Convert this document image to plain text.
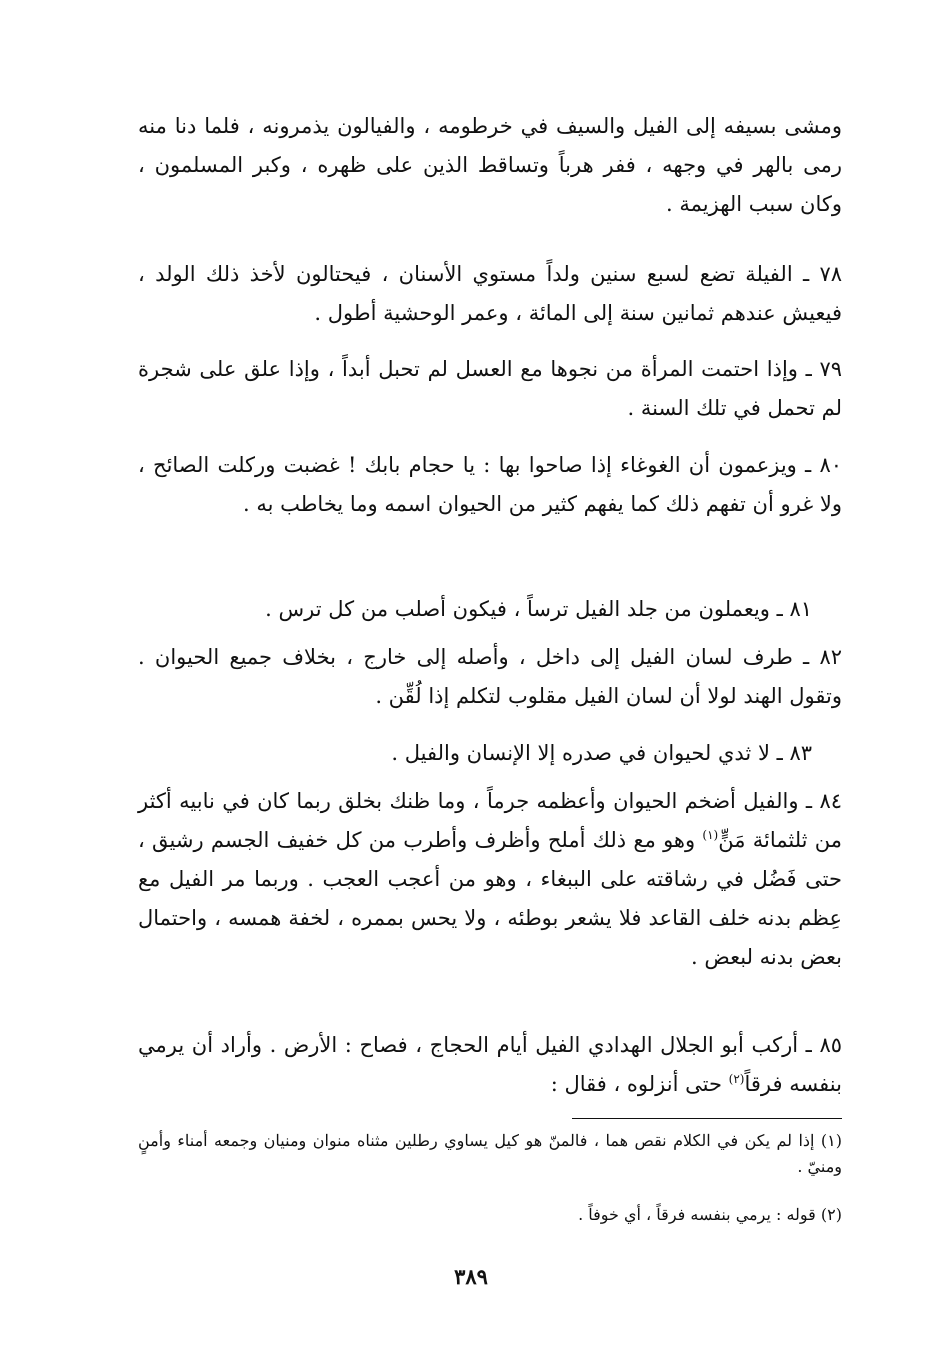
ومشى بسيفه إلى الفيل والسيف في خرطومه ، والفيالون يذمرونه ، فلما دنا منه رمى بالهر في وجهه ، ففر هرباً وتساقط الذين على ظهره ، وكبر المسلمون ، وكان سبب الهزيمة .

٧٨ ـ الفيلة تضع لسبع سنين ولداً مستوي الأسنان ، فيحتالون لأخذ ذلك الولد ، فيعيش عندهم ثمانين سنة إلى المائة ، وعمر الوحشية أطول .

٧٩ ـ وإذا احتمت المرأة من نجوها مع العسل لم تحبل أبداً ، وإذا علق على شجرة لم تحمل في تلك السنة .

٨٠ ـ ويزعمون أن الغوغاء إذا صاحوا بها : يا حجام بابك ! غضبت وركلت الصائح ، ولا غرو أن تفهم ذلك كما يفهم كثير من الحيوان اسمه وما يخاطب به .

٨١ ـ ويعملون من جلد الفيل ترساً ، فيكون أصلب من كل ترس .

٨٢ ـ طرف لسان الفيل إلى داخل ، وأصله إلى خارج ، بخلاف جميع الحيوان . وتقول الهند لولا أن لسان الفيل مقلوب لتكلم إذا لُقِّن .

٨٣ ـ لا ثدي لحيوان في صدره إلا الإنسان والفيل .

٨٤ ـ والفيل أضخم الحيوان وأعظمه جرماً ، وما ظنك بخلق ربما كان في نابيه أكثر من ثلثمائة مَنٍّ$^{(١)}$ وهو مع ذلك أملح وأظرف وأطرب من كل خفيف الجسم رشيق ، حتى فَضُل في رشاقته على الببغاء ، وهو من أعجب العجب . وربما مر الفيل مع عِظم بدنه خلف القاعد فلا يشعر بوطئه ، ولا يحس بممره ، لخفة همسه ، واحتمال بعض بدنه لبعض .

٨٥ ـ أركب أبو الجلال الهدادي الفيل أيام الحجاج ، فصاح : الأرض . وأراد أن يرمي بنفسه فرقاً$^{(٢)}$ حتى أنزلوه ، فقال :

(١) إذا لم يكن في الكلام نقص هما ، فالمنّ هو كيل يساوي رطلين مثناه منوان ومنيان وجمعه أمناء وأمنٍ ومنيّ .

(٢) قوله : يرمي بنفسه فرقاً ، أي خوفاً .

٣٨٩
